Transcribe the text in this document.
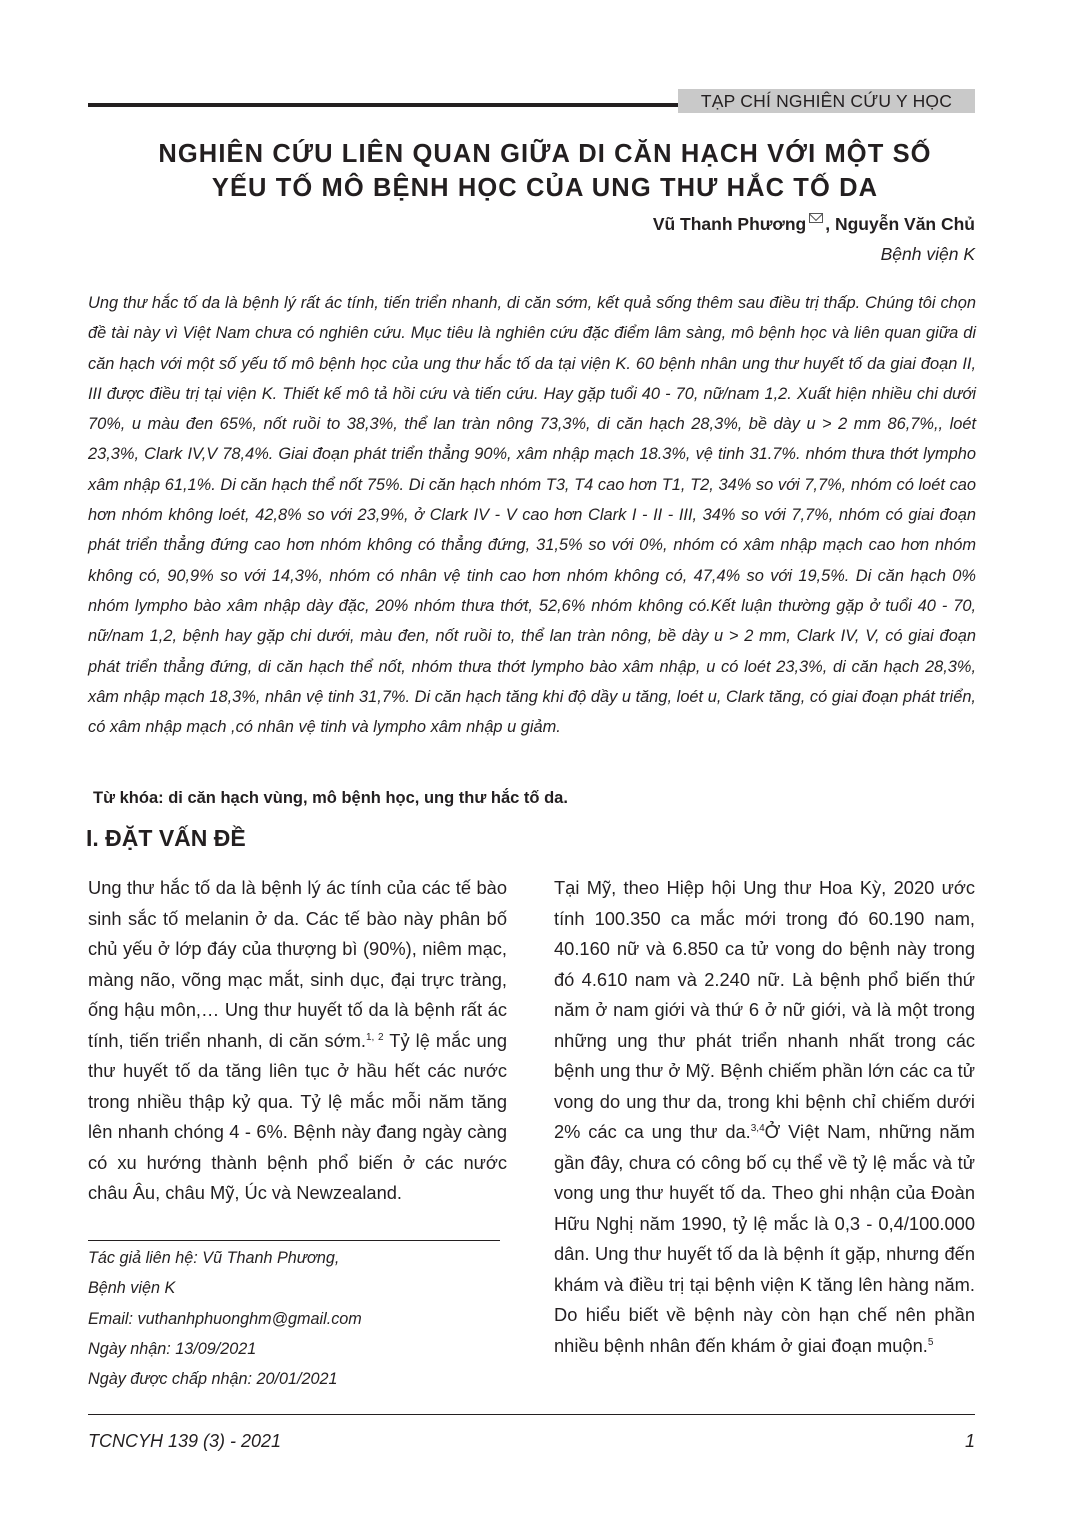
TẠP CHÍ NGHIÊN CỨU Y HỌC
NGHIÊN CỨU LIÊN QUAN GIỮA DI CĂN HẠCH VỚI MỘT SỐ
YẾU TỐ MÔ BỆNH HỌC CỦA UNG THƯ HẮC TỐ DA
Vũ Thanh Phương , Nguyễn Văn Chủ
Bệnh viện K

Ung thư hắc tố da là bệnh lý rất ác tính, tiến triển nhanh, di căn sớm, kết quả sống thêm sau điều trị thấp. Chúng tôi chọn đề tài này vì Việt Nam chưa có nghiên cứu. Mục tiêu là nghiên cứu đặc điểm lâm sàng, mô bệnh học và liên quan giữa di căn hạch với một số yếu tố mô bệnh học của ung thư hắc tố da tại viện K. 60 bệnh nhân ung thư huyết tố da giai đoạn II, III được điều trị tại viện K. Thiết kế mô tả hồi cứu và tiến cứu. Hay gặp tuổi 40 - 70, nữ/nam 1,2. Xuất hiện nhiều chi dưới 70%, u màu đen 65%, nốt ruồi to 38,3%, thể lan tràn nông 73,3%, di căn hạch 28,3%, bề dày u > 2 mm 86,7%,, loét 23,3%, Clark IV,V 78,4%. Giai đoạn phát triển thẳng 90%, xâm nhập mạch 18.3%, vệ tinh 31.7%. nhóm thưa thớt lympho xâm nhập 61,1%. Di căn hạch thể nốt 75%. Di căn hạch nhóm T3, T4 cao hơn T1, T2, 34% so với 7,7%, nhóm có loét cao hơn nhóm không loét, 42,8% so với 23,9%, ở Clark IV - V cao hơn Clark I - II - III, 34% so với 7,7%, nhóm có giai đoạn phát triển thẳng đứng cao hơn nhóm không có thẳng đứng, 31,5% so với 0%, nhóm có xâm nhập mạch cao hơn nhóm không có, 90,9% so với 14,3%, nhóm có nhân vệ tinh cao hơn nhóm không có, 47,4% so với 19,5%. Di căn hạch 0% nhóm lympho bào xâm nhập dày đặc, 20% nhóm thưa thớt, 52,6% nhóm không có.Kết luận thường gặp ở tuổi 40 - 70, nữ/nam 1,2, bệnh hay gặp chi dưới, màu đen, nốt ruồi to, thể lan tràn nông, bề dày u > 2 mm, Clark IV, V, có giai đoạn phát triển thẳng đứng, di căn hạch thể nốt, nhóm thưa thớt lympho bào xâm nhập, u có loét 23,3%, di căn hạch 28,3%, xâm nhập mạch 18,3%, nhân vệ tinh 31,7%. Di căn hạch tăng khi độ dầy u tăng, loét u, Clark tăng, có giai đoạn phát triển, có xâm nhập mạch ,có nhân vệ tinh và lympho xâm nhập u giảm.

Từ khóa: di căn hạch vùng, mô bệnh học, ung thư hắc tố da.
I. ĐẶT VẤN ĐỀ

Ung thư hắc tố da là bệnh lý ác tính của các tế bào sinh sắc tố melanin ở da. Các tế bào này phân bố chủ yếu ở lớp đáy của thượng bì (90%), niêm mạc, màng não, võng mạc mắt, sinh dục, đại trực tràng, ống hậu môn,… Ung thư huyết tố da là bệnh rất ác tính, tiến triển nhanh, di căn sớm.$^{1, 2}$ Tỷ lệ mắc ung thư huyết tố da tăng liên tục ở hầu hết các nước trong nhiều thập kỷ qua. Tỷ lệ mắc mỗi năm tăng lên nhanh chóng 4 - 6%. Bệnh này đang ngày càng có xu hướng thành bệnh phổ biến ở các nước châu Âu, châu Mỹ, Úc và Newzealand.

Tại Mỹ, theo Hiệp hội Ung thư Hoa Kỳ, 2020 ước tính 100.350 ca mắc mới trong đó 60.190 nam, 40.160 nữ và 6.850 ca tử vong do bệnh này trong đó 4.610 nam và 2.240 nữ. Là bệnh phổ biến thứ năm ở nam giới và thứ 6 ở nữ giới, và là một trong những ung thư phát triển nhanh nhất trong các bệnh ung thư ở Mỹ. Bệnh chiếm phần lớn các ca tử vong do ung thư da, trong khi bệnh chỉ chiếm dưới 2% các ca ung thư da.$^{3,4}$Ở Việt Nam, những năm gần đây, chưa có công bố cụ thể về tỷ lệ mắc và tử vong ung thư huyết tố da. Theo ghi nhận của Đoàn Hữu Nghị năm 1990, tỷ lệ mắc là 0,3 - 0,4/100.000 dân. Ung thư huyết tố da là bệnh ít gặp, nhưng đến khám và điều trị tại bệnh viện K tăng lên hàng năm. Do hiểu biết về bệnh này còn hạn chế nên phần nhiều bệnh nhân đến khám ở giai đoạn muộn.$^5$

Tác giả liên hệ: Vũ Thanh Phương,
Bệnh viện K
Email: vuthanhphuonghm@gmail.com
Ngày nhận: 13/09/2021
Ngày được chấp nhận: 20/01/2021
TCNCYH 139 (3) - 2021	1
